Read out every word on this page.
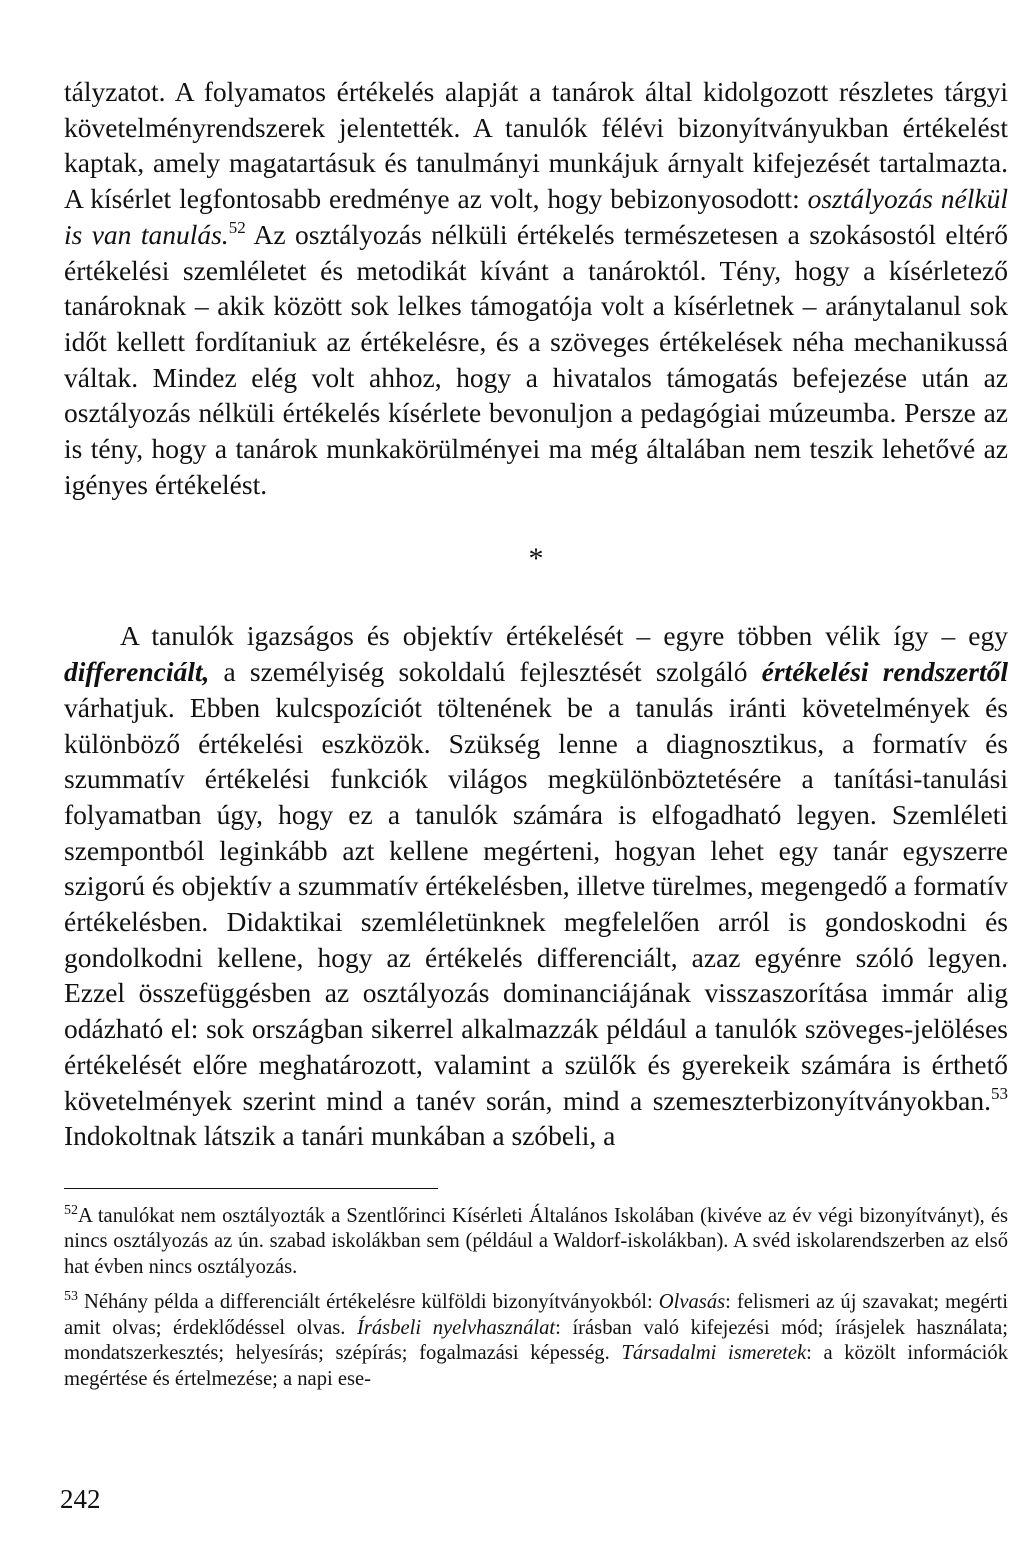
tályzatot. A folyamatos értékelés alapját a tanárok által kidolgozott részletes tárgyi követelményrendszerek jelentették. A tanulók félévi bizonyítványukban értékelést kaptak, amely magatartásuk és tanulmányi munkájuk árnyalt kifejezését tartalmazta. A kísérlet legfontosabb eredménye az volt, hogy bebizonyosodott: osztályozás nélkül is van tanulás.$^{52}$ Az osztályozás nélküli értékelés természetesen a szokásostól eltérő értékelési szemléletet és metodikát kívánt a tanároktól. Tény, hogy a kísérletező tanároknak – akik között sok lelkes támogatója volt a kísérletnek – aránytalanul sok időt kellett fordítaniuk az értékelésre, és a szöveges értékelések néha mechanikussá váltak. Mindez elég volt ahhoz, hogy a hivatalos támogatás befejezése után az osztályozás nélküli értékelés kísérlete bevonuljon a pedagógiai múzeumba. Persze az is tény, hogy a tanárok munkakörülményei ma még általában nem teszik lehetővé az igényes értékelést.

*

A tanulók igazságos és objektív értékelését – egyre többen vélik így – egy differenciált, a személyiség sokoldalú fejlesztését szolgáló értékelési rendszertől várhatjuk. Ebben kulcspozíciót töltenének be a tanulás iránti követelmények és különböző értékelési eszközök. Szükség lenne a diagnosztikus, a formatív és szummatív értékelési funkciók világos megkülönböztetésére a tanítási-tanulási folyamatban úgy, hogy ez a tanulók számára is elfogadható legyen. Szemléleti szempontból leginkább azt kellene megérteni, hogyan lehet egy tanár egyszerre szigorú és objektív a szummatív értékelésben, illetve türelmes, megengedő a formatív értékelésben. Didaktikai szemléletünknek megfelelően arról is gondoskodni és gondolkodni kellene, hogy az értékelés differenciált, azaz egyénre szóló legyen. Ezzel összefüggésben az osztályozás dominanciájának visszaszorítása immár alig odázható el: sok országban sikerrel alkalmazzák például a tanulók szöveges-jelöléses értékelését előre meghatározott, valamint a szülők és gyerekeik számára is érthető követelmények szerint mind a tanév során, mind a szemeszterbizonyítványokban.$^{53}$ Indokoltnak látszik a tanári munkában a szóbeli, a

$^{52}$A tanulókat nem osztályozták a Szentlőrinci Kísérleti Általános Iskolában (kivéve az év végi bizonyítványt), és nincs osztályozás az ún. szabad iskolákban sem (például a Waldorf-iskolákban). A svéd iskolarendszerben az első hat évben nincs osztályozás.

$^{53}$ Néhány példa a differenciált értékelésre külföldi bizonyítványokból: Olvasás: felismeri az új szavakat; megérti amit olvas; érdeklődéssel olvas. Írásbeli nyelvhasználat: írásban való kifejezési mód; írásjelek használata; mondatszerkesztés; helyesírás; szépírás; fogalmazási képesség. Társadalmi ismeretek: a közölt információk megértése és értelmezése; a napi ese-

242
